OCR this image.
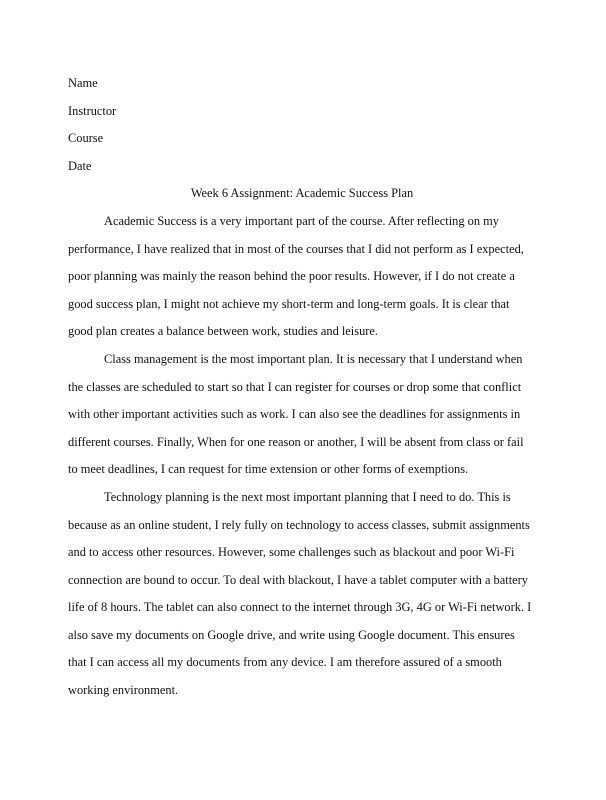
Name

Instructor

Course

Date

Week 6 Assignment: Academic Success Plan

Academic Success is a very important part of the course. After reflecting on my performance, I have realized that in most of the courses that I did not perform as I expected, poor planning was mainly the reason behind the poor results. However, if I do not create a good success plan, I might not achieve my short-term and long-term goals. It is clear that good plan creates a balance between work, studies and leisure.

Class management is the most important plan. It is necessary that I understand when the classes are scheduled to start so that I can register for courses or drop some that conflict with other important activities such as work. I can also see the deadlines for assignments in different courses. Finally, When for one reason or another, I will be absent from class or fail to meet deadlines, I can request for time extension or other forms of exemptions.

Technology planning is the next most important planning that I need to do. This is because as an online student, I rely fully on technology to access classes, submit assignments and to access other resources. However, some challenges such as blackout and poor Wi-Fi connection are bound to occur. To deal with blackout, I have a tablet computer with a battery life of 8 hours. The tablet can also connect to the internet through 3G, 4G or Wi-Fi network. I also save my documents on Google drive, and write using Google document. This ensures that I can access all my documents from any device. I am therefore assured of a smooth working environment.
